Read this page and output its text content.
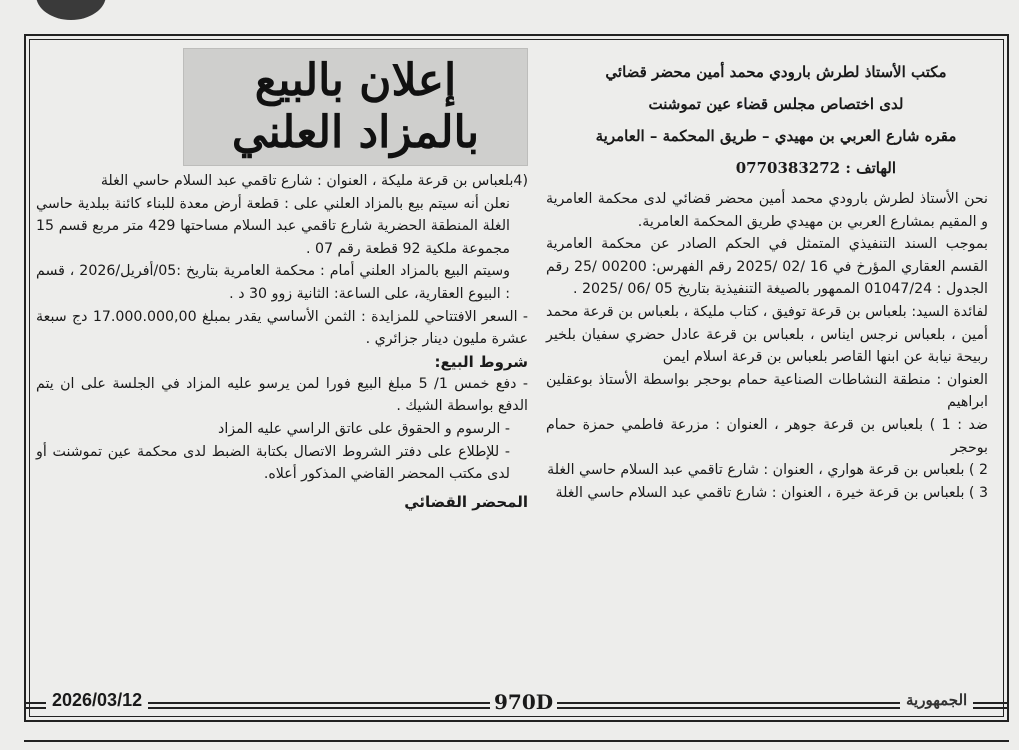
مكتب الأستاذ لطرش بارودي محمد أمين محضر قضائي
لدى اختصاص مجلس قضاء عين تموشنت
مقره شارع العربي بن مهيدي – طريق المحكمة – العامرية
الهاتف : 0770383272

نحن الأستاذ لطرش بارودي محمد أمين محضر قضائي لدى محكمة العامرية و المقيم بمشارع العربي بن مهيدي طريق المحكمة العامرية.

بموجب السند التنفيذي المتمثل في الحكم الصادر عن محكمة العامرية القسم العقاري المؤرخ في 16 /02 /2025 رقم الفهرس: 00200 /25 رقم الجدول : 01047/24 الممهور بالصيغة التنفيذية بتاريخ 05 /06 /2025 .

لفائدة السيد: بلعباس بن قرعة توفيق ، كتاب مليكة ، بلعباس بن قرعة محمد أمين ، بلعباس نرجس ايناس ، بلعباس بن قرعة عادل حضري سفيان بلخير ربيحة نيابة عن ابنها القاصر بلعباس بن قرعة اسلام ايمن

العنوان : منطقة النشاطات الصناعية حمام بوحجر بواسطة الأستاذ بوعقلين ابراهيم

ضد : 1 ) بلعباس بن قرعة جوهر ، العنوان : مزرعة فاطمي حمزة حمام بوحجر

2 ) بلعباس بن قرعة هواري ، العنوان : شارع تاقمي عبد السلام حاسي الغلة

3 ) بلعباس بن قرعة خيرة ، العنوان : شارع تاقمي عبد السلام حاسي الغلة

إعلان بالبيع
بالمزاد العلني

(4بلعباس بن قرعة مليكة ، العنوان : شارع تاقمي عبد السلام حاسي الغلة

نعلن أنه سيتم بيع بالمزاد العلني على : قطعة أرض معدة للبناء كائنة ببلدية حاسي الغلة المنطقة الحضرية شارع تاقمي عبد السلام مساحتها 429 متر مربع قسم 15 مجموعة ملكية 92 قطعة رقم 07 .

وسيتم البيع بالمزاد العلني أمام : محكمة العامرية بتاريخ :05/أفريل/2026 ، قسم : البيوع العقارية، على الساعة: الثانية زوو 30 د .

- السعر الافتتاحي للمزايدة : الثمن الأساسي يقدر بمبلغ 17.000.000,00 دج سبعة عشرة مليون دينار جزائري .

شروط البيع:

- دفع خمس 1/ 5 مبلغ البيع فورا لمن يرسو عليه المزاد في الجلسة على ان يتم الدفع بواسطة الشيك .

- الرسوم و الحقوق على عاتق الراسي عليه المزاد

- للإطلاع على دفتر الشروط الاتصال بكتابة الضبط لدى محكمة عين تموشنت أو لدى مكتب المحضر القاضي المذكور أعلاه.

المحضر القضائي
2026/03/12	970D	الجمهورية
